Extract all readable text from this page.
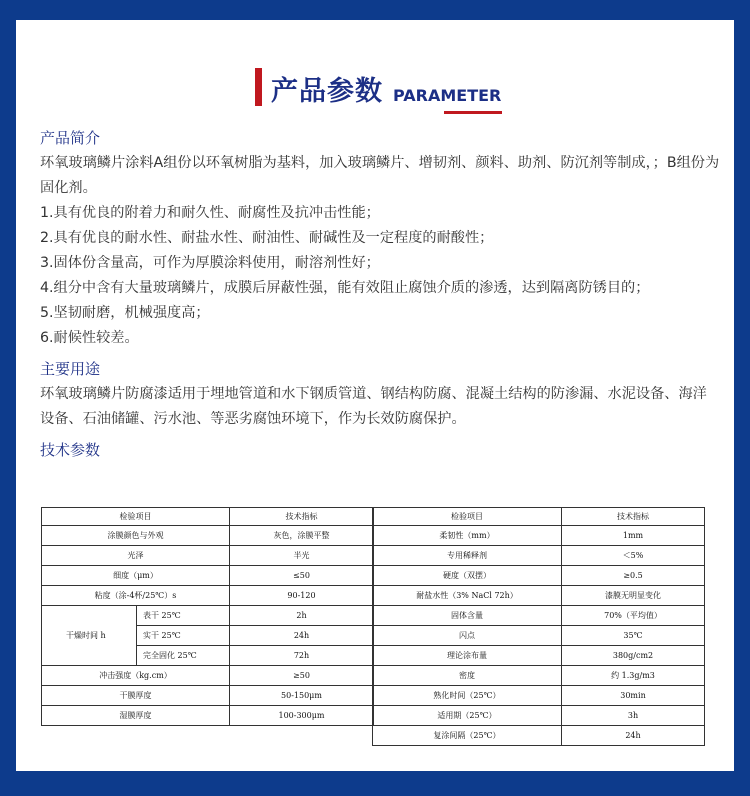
产品参数 PARAMETER
产品简介
环氧玻璃鳞片涂料A组份以环氧树脂为基料，加入玻璃鳞片、增韧剂、颜料、助剂、防沉剂等制成，；B组份为固化剂。
1.具有优良的附着力和耐久性、耐腐性及抗冲击性能；
2.具有优良的耐水性、耐盐水性、耐油性、耐碱性及一定程度的耐酸性；
3.固体份含量高，可作为厚膜涂料使用，耐溶剂性好；
4.组分中含有大量玻璃鳞片，成膜后屏蔽性强，能有效阻止腐蚀介质的渗透，达到隔离防锈目的；
5.坚韧耐磨，机械强度高；
6.耐候性较差。
主要用途
环氧玻璃鳞片防腐漆适用于埋地管道和水下钢质管道、钢结构防腐、混凝土结构的防渗漏、水泥设备、海洋设备、石油储罐、污水池、等恶劣腐蚀环境下，作为长效防腐保护。
技术参数
检验项目		技术指标
涂膜颜色与外观		灰色，涂膜平整
光泽		半光
细度（μm）		≤50
粘度（涂-4杯/25℃）s		90-120
干燥时间 h	表干 25℃	2h
	实干 25℃	24h
	完全固化 25℃	72h
冲击强度（kg.cm）		≥50
干膜厚度		50-150μm
湿膜厚度		100-300μm
检验项目	技术指标
柔韧性（mm）	1mm
专用稀释剂	＜5%
硬度（双摆）	≥0.5
耐盐水性（3% NaCl 72h）	漆膜无明显变化
固体含量	70%（平均值）
闪点	35℃
理论涂布量	380g/cm2
密度	约 1.3g/m3
熟化时间（25℃）	30min
适用期（25℃）	3h
复涂间隔（25℃）	24h
